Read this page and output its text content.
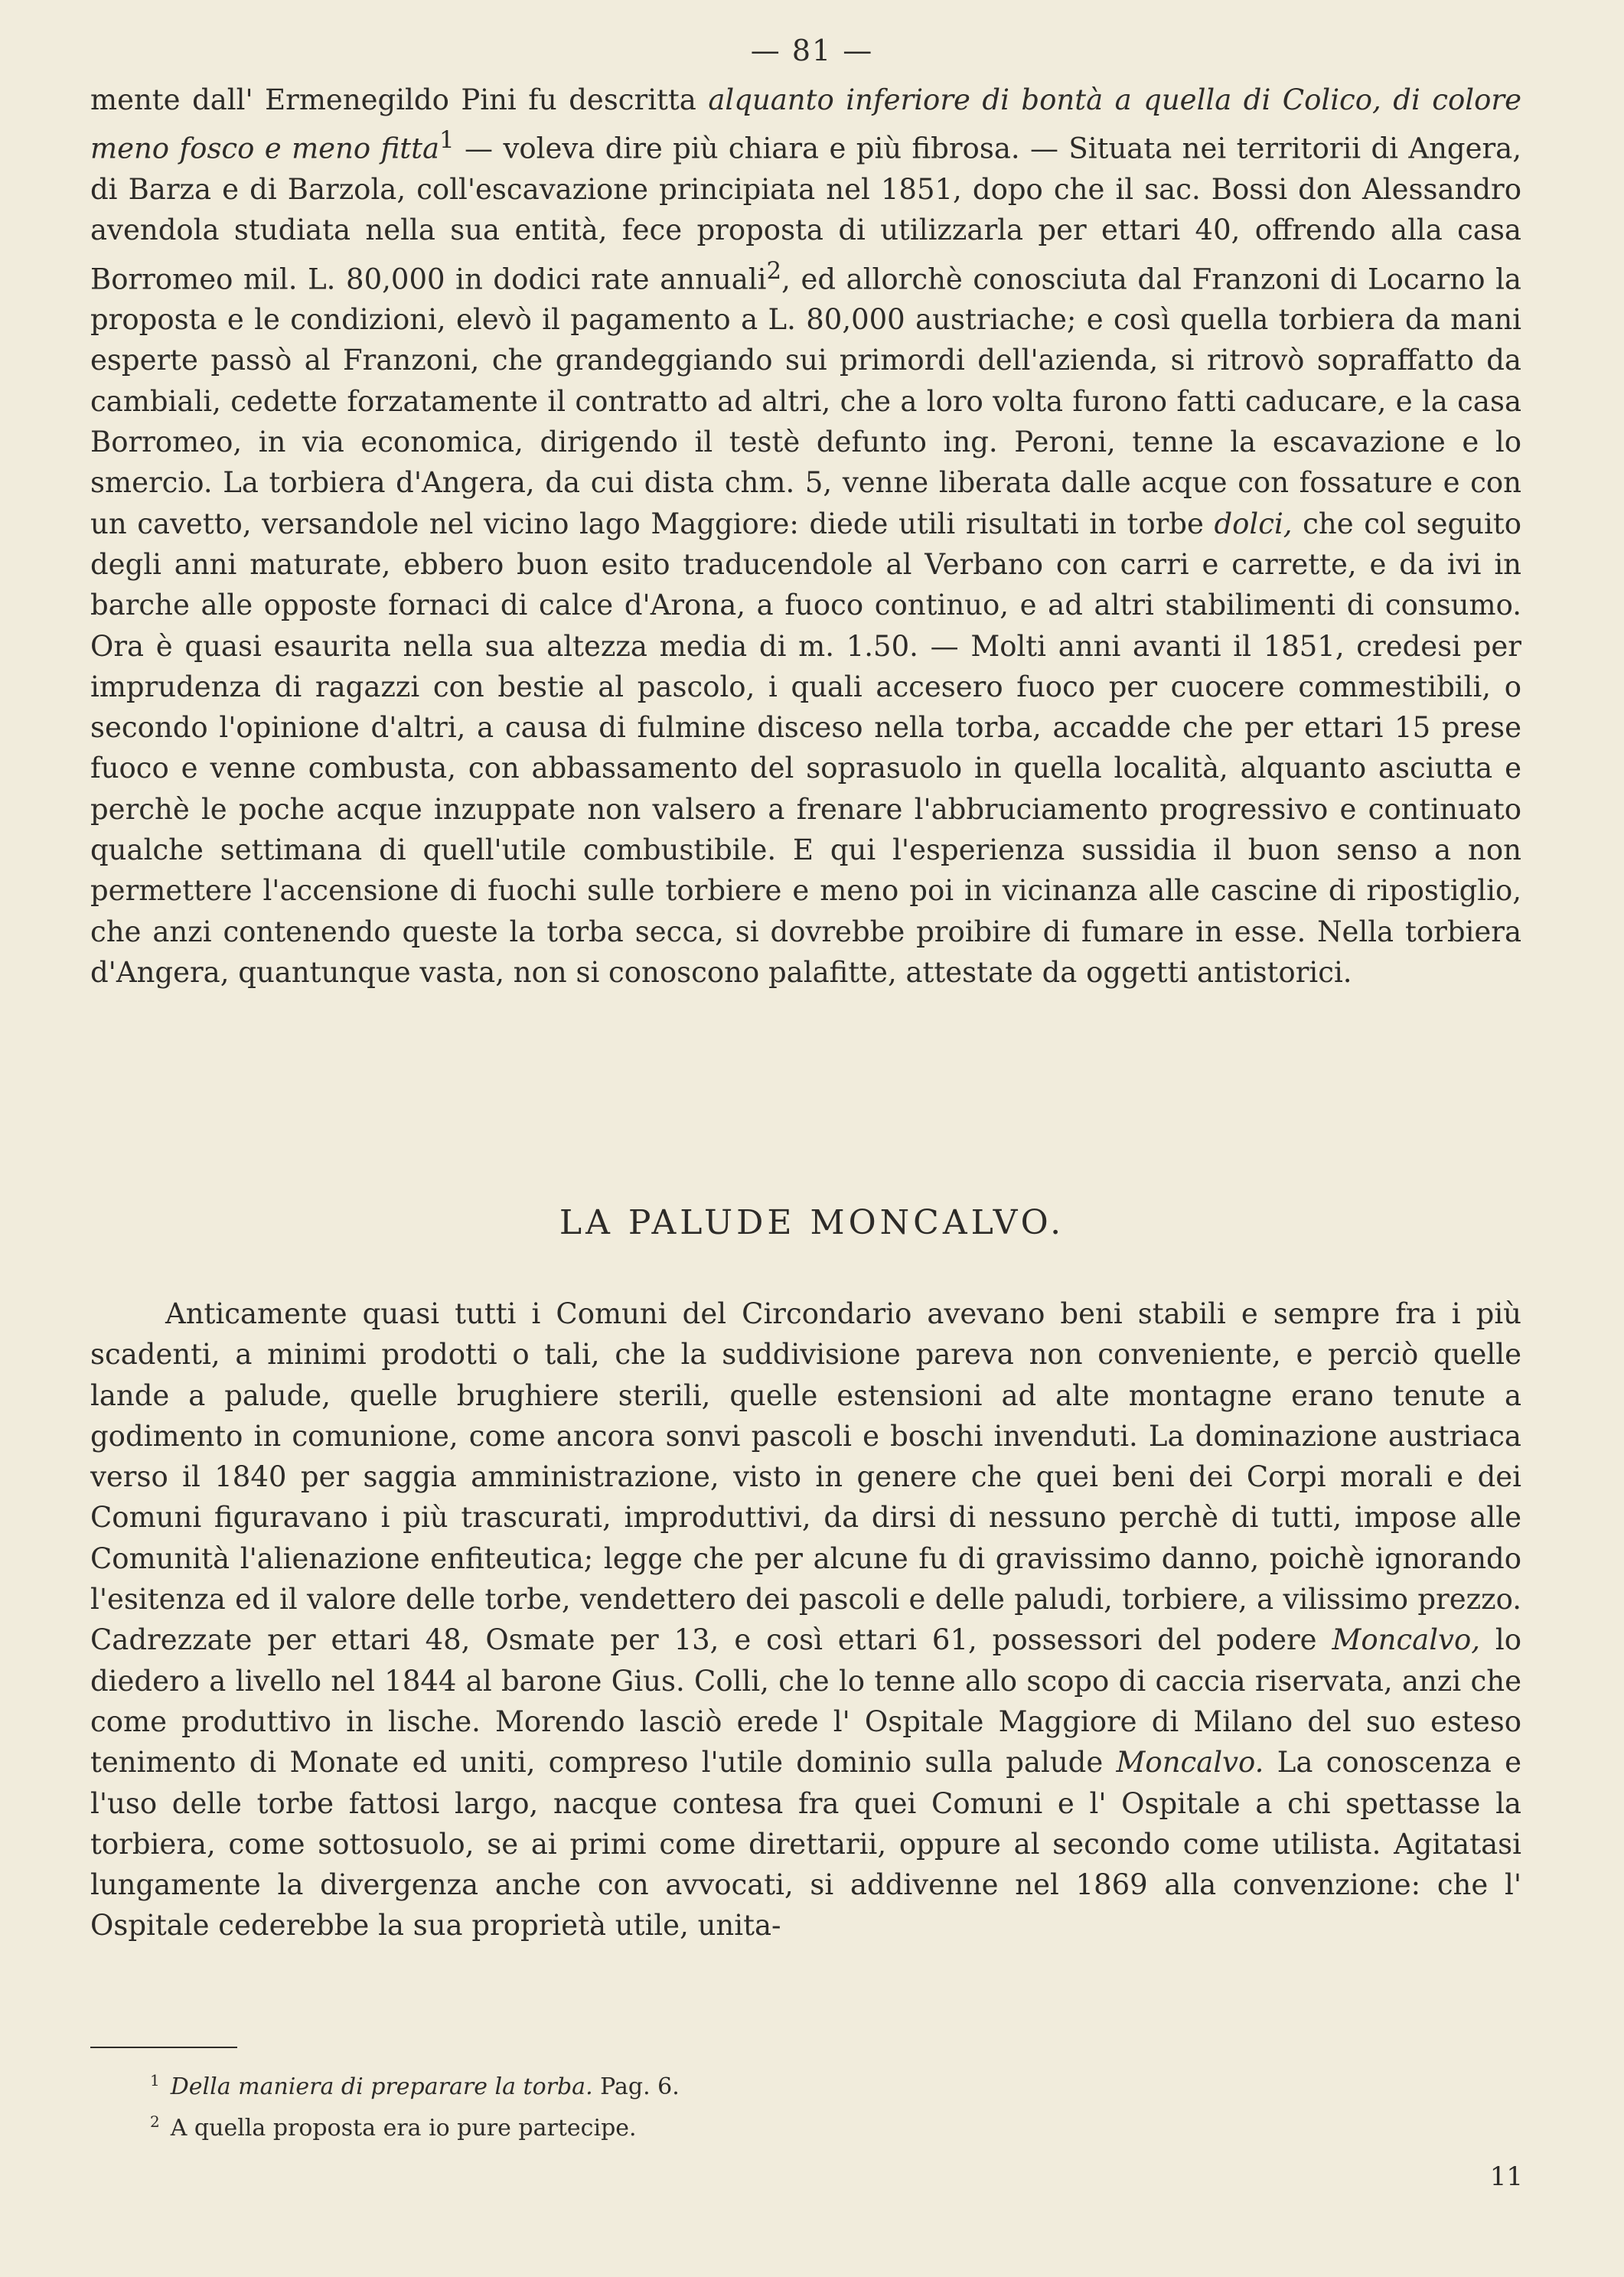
— 81 —

mente dall' Ermenegildo Pini fu descritta alquanto inferiore di bontà a quella di Colico, di colore meno fosco e meno fitta$^1$ — voleva dire più chiara e più fibrosa. — Situata nei territorii di Angera, di Barza e di Barzola, coll'escavazione principiata nel 1851, dopo che il sac. Bossi don Alessandro avendola studiata nella sua entità, fece proposta di utilizzarla per ettari 40, offrendo alla casa Borromeo mil. L. 80,000 in dodici rate annuali$^2$, ed allorchè conosciuta dal Franzoni di Locarno la proposta e le condizioni, elevò il pagamento a L. 80,000 austriache; e così quella torbiera da mani esperte passò al Franzoni, che grandeggiando sui primordi dell'azienda, si ritrovò sopraffatto da cambiali, cedette forzatamente il contratto ad altri, che a loro volta furono fatti caducare, e la casa Borromeo, in via economica, dirigendo il testè defunto ing. Peroni, tenne la escavazione e lo smercio. La torbiera d'Angera, da cui dista chm. 5, venne liberata dalle acque con fossature e con un cavetto, versandole nel vicino lago Maggiore: diede utili risultati in torbe dolci, che col seguito degli anni maturate, ebbero buon esito traducendole al Verbano con carri e carrette, e da ivi in barche alle opposte fornaci di calce d'Arona, a fuoco continuo, e ad altri stabilimenti di consumo. Ora è quasi esaurita nella sua altezza media di m. 1.50. — Molti anni avanti il 1851, credesi per imprudenza di ragazzi con bestie al pascolo, i quali accesero fuoco per cuocere commestibili, o secondo l'opinione d'altri, a causa di fulmine disceso nella torba, accadde che per ettari 15 prese fuoco e venne combusta, con abbassamento del soprasuolo in quella località, alquanto asciutta e perchè le poche acque inzuppate non valsero a frenare l'abbruciamento progressivo e continuato qualche settimana di quell'utile combustibile. E qui l'esperienza sussidia il buon senso a non permettere l'accensione di fuochi sulle torbiere e meno poi in vicinanza alle cascine di ripostiglio, che anzi contenendo queste la torba secca, si dovrebbe proibire di fumare in esse. Nella torbiera d'Angera, quantunque vasta, non si conoscono palafitte, attestate da oggetti antistorici.

LA PALUDE MONCALVO.

Anticamente quasi tutti i Comuni del Circondario avevano beni stabili e sempre fra i più scadenti, a minimi prodotti o tali, che la suddivisione pareva non conveniente, e perciò quelle lande a palude, quelle brughiere sterili, quelle estensioni ad alte montagne erano tenute a godimento in comunione, come ancora sonvi pascoli e boschi invenduti. La dominazione austriaca verso il 1840 per saggia amministrazione, visto in genere che quei beni dei Corpi morali e dei Comuni figuravano i più trascurati, improduttivi, da dirsi di nessuno perchè di tutti, impose alle Comunità l'alienazione enfiteutica; legge che per alcune fu di gravissimo danno, poichè ignorando l'esitenza ed il valore delle torbe, vendettero dei pascoli e delle paludi, torbiere, a vilissimo prezzo. Cadrezzate per ettari 48, Osmate per 13, e così ettari 61, possessori del podere Moncalvo, lo diedero a livello nel 1844 al barone Gius. Colli, che lo tenne allo scopo di caccia riservata, anzi che come produttivo in lische. Morendo lasciò erede l' Ospitale Maggiore di Milano del suo esteso tenimento di Monate ed uniti, compreso l'utile dominio sulla palude Moncalvo. La conoscenza e l'uso delle torbe fattosi largo, nacque contesa fra quei Comuni e l' Ospitale a chi spettasse la torbiera, come sottosuolo, se ai primi come direttarii, oppure al secondo come utilista. Agitatasi lungamente la divergenza anche con avvocati, si addivenne nel 1869 alla convenzione: che l' Ospitale cederebbe la sua proprietà utile, unita-

$^1$ Della maniera di preparare la torba. Pag. 6.
$^2$ A quella proposta era io pure partecipe.
11
